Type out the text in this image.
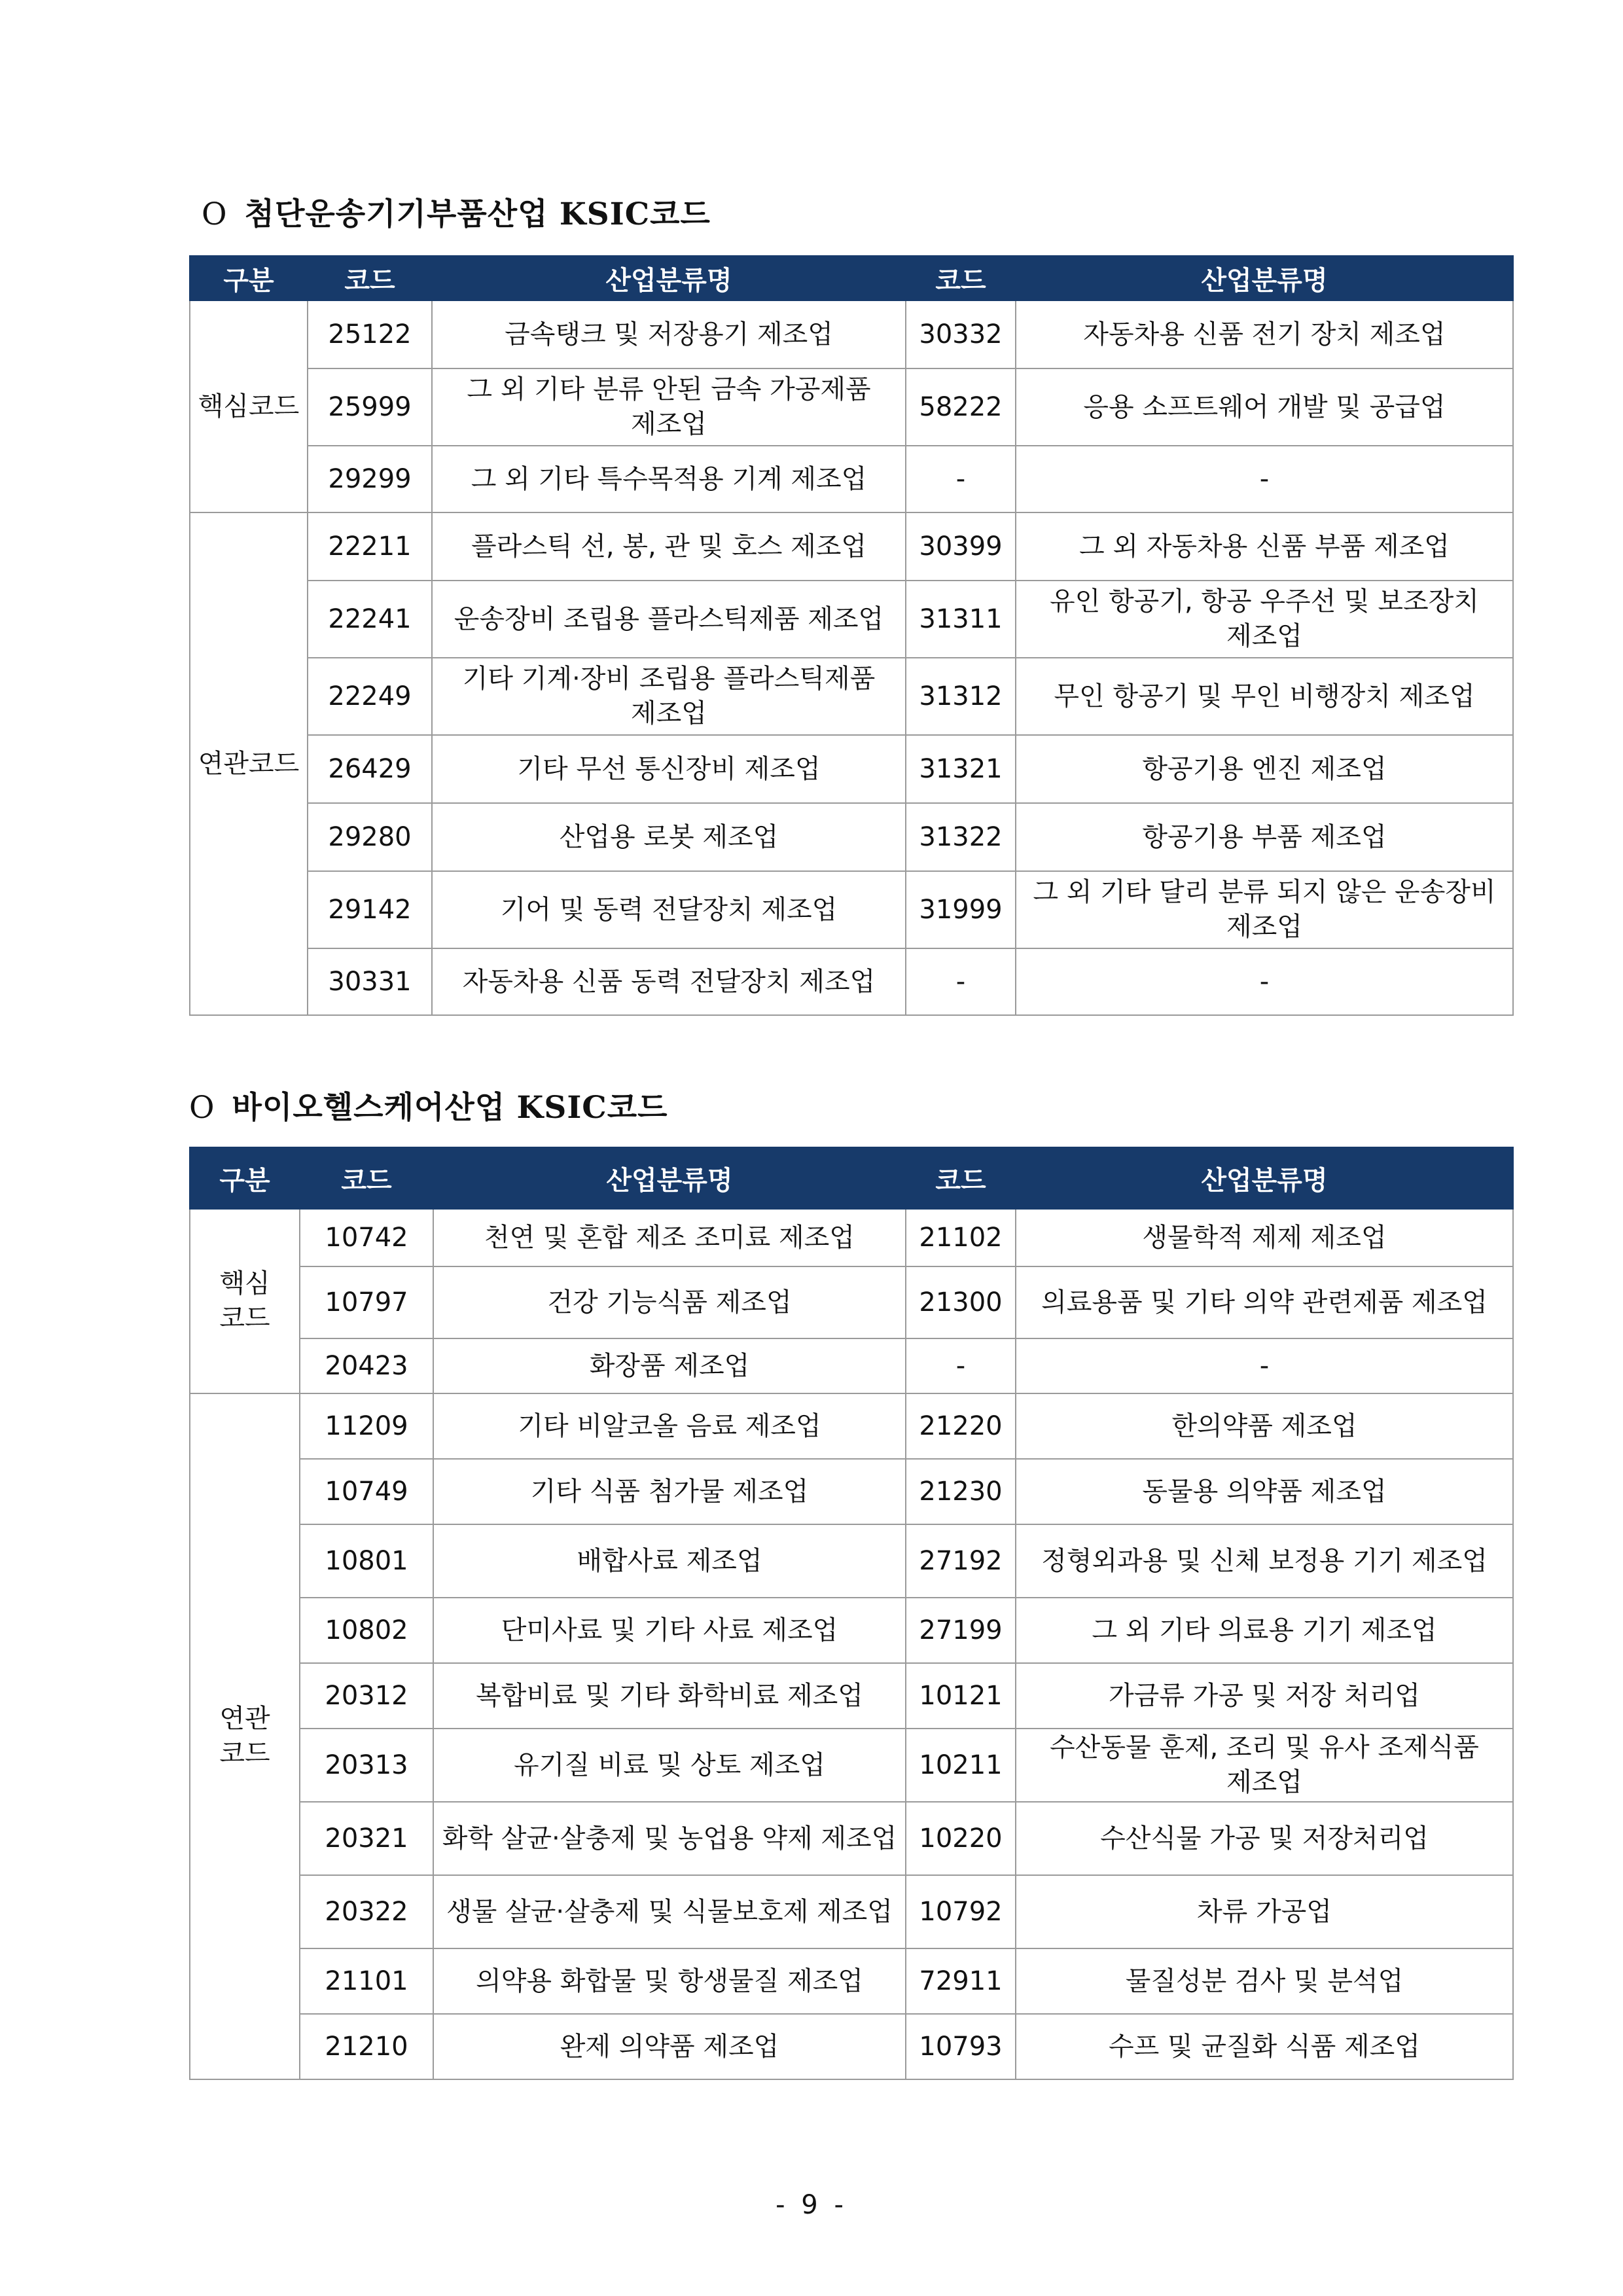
O 첨단운송기기부품산업 KSIC코드
구분	코드	산업분류명	코드	산업분류명
핵심코드	25122	금속탱크 및 저장용기 제조업	30332	자동차용 신품 전기 장치 제조업
	25999	그 외 기타 분류 안된 금속 가공제품 제조업	58222	응용 소프트웨어 개발 및 공급업
	29299	그 외 기타 특수목적용 기계 제조업	-	-
연관코드	22211	플라스틱 선, 봉, 관 및 호스 제조업	30399	그 외 자동차용 신품 부품 제조업
	22241	운송장비 조립용 플라스틱제품 제조업	31311	유인 항공기, 항공 우주선 및 보조장치 제조업
	22249	기타 기계·장비 조립용 플라스틱제품 제조업	31312	무인 항공기 및 무인 비행장치 제조업
	26429	기타 무선 통신장비 제조업	31321	항공기용 엔진 제조업
	29280	산업용 로봇 제조업	31322	항공기용 부품 제조업
	29142	기어 및 동력 전달장치 제조업	31999	그 외 기타 달리 분류 되지 않은 운송장비 제조업
	30331	자동차용 신품 동력 전달장치 제조업	-	-
O 바이오헬스케어산업 KSIC코드
구분	코드	산업분류명	코드	산업분류명
핵심 코드	10742	천연 및 혼합 제조 조미료 제조업	21102	생물학적 제제 제조업
	10797	건강 기능식품 제조업	21300	의료용품 및 기타 의약 관련제품 제조업
	20423	화장품 제조업	-	-
연관 코드	11209	기타 비알코올 음료 제조업	21220	한의약품 제조업
	10749	기타 식품 첨가물 제조업	21230	동물용 의약품 제조업
	10801	배합사료 제조업	27192	정형외과용 및 신체 보정용 기기 제조업
	10802	단미사료 및 기타 사료 제조업	27199	그 외 기타 의료용 기기 제조업
	20312	복합비료 및 기타 화학비료 제조업	10121	가금류 가공 및 저장 처리업
	20313	유기질 비료 및 상토 제조업	10211	수산동물 훈제, 조리 및 유사 조제식품 제조업
	20321	화학 살균·살충제 및 농업용 약제 제조업	10220	수산식물 가공 및 저장처리업
	20322	생물 살균·살충제 및 식물보호제 제조업	10792	차류 가공업
	21101	의약용 화합물 및 항생물질 제조업	72911	물질성분 검사 및 분석업
	21210	완제 의약품 제조업	10793	수프 및 균질화 식품 제조업
- 9 -
